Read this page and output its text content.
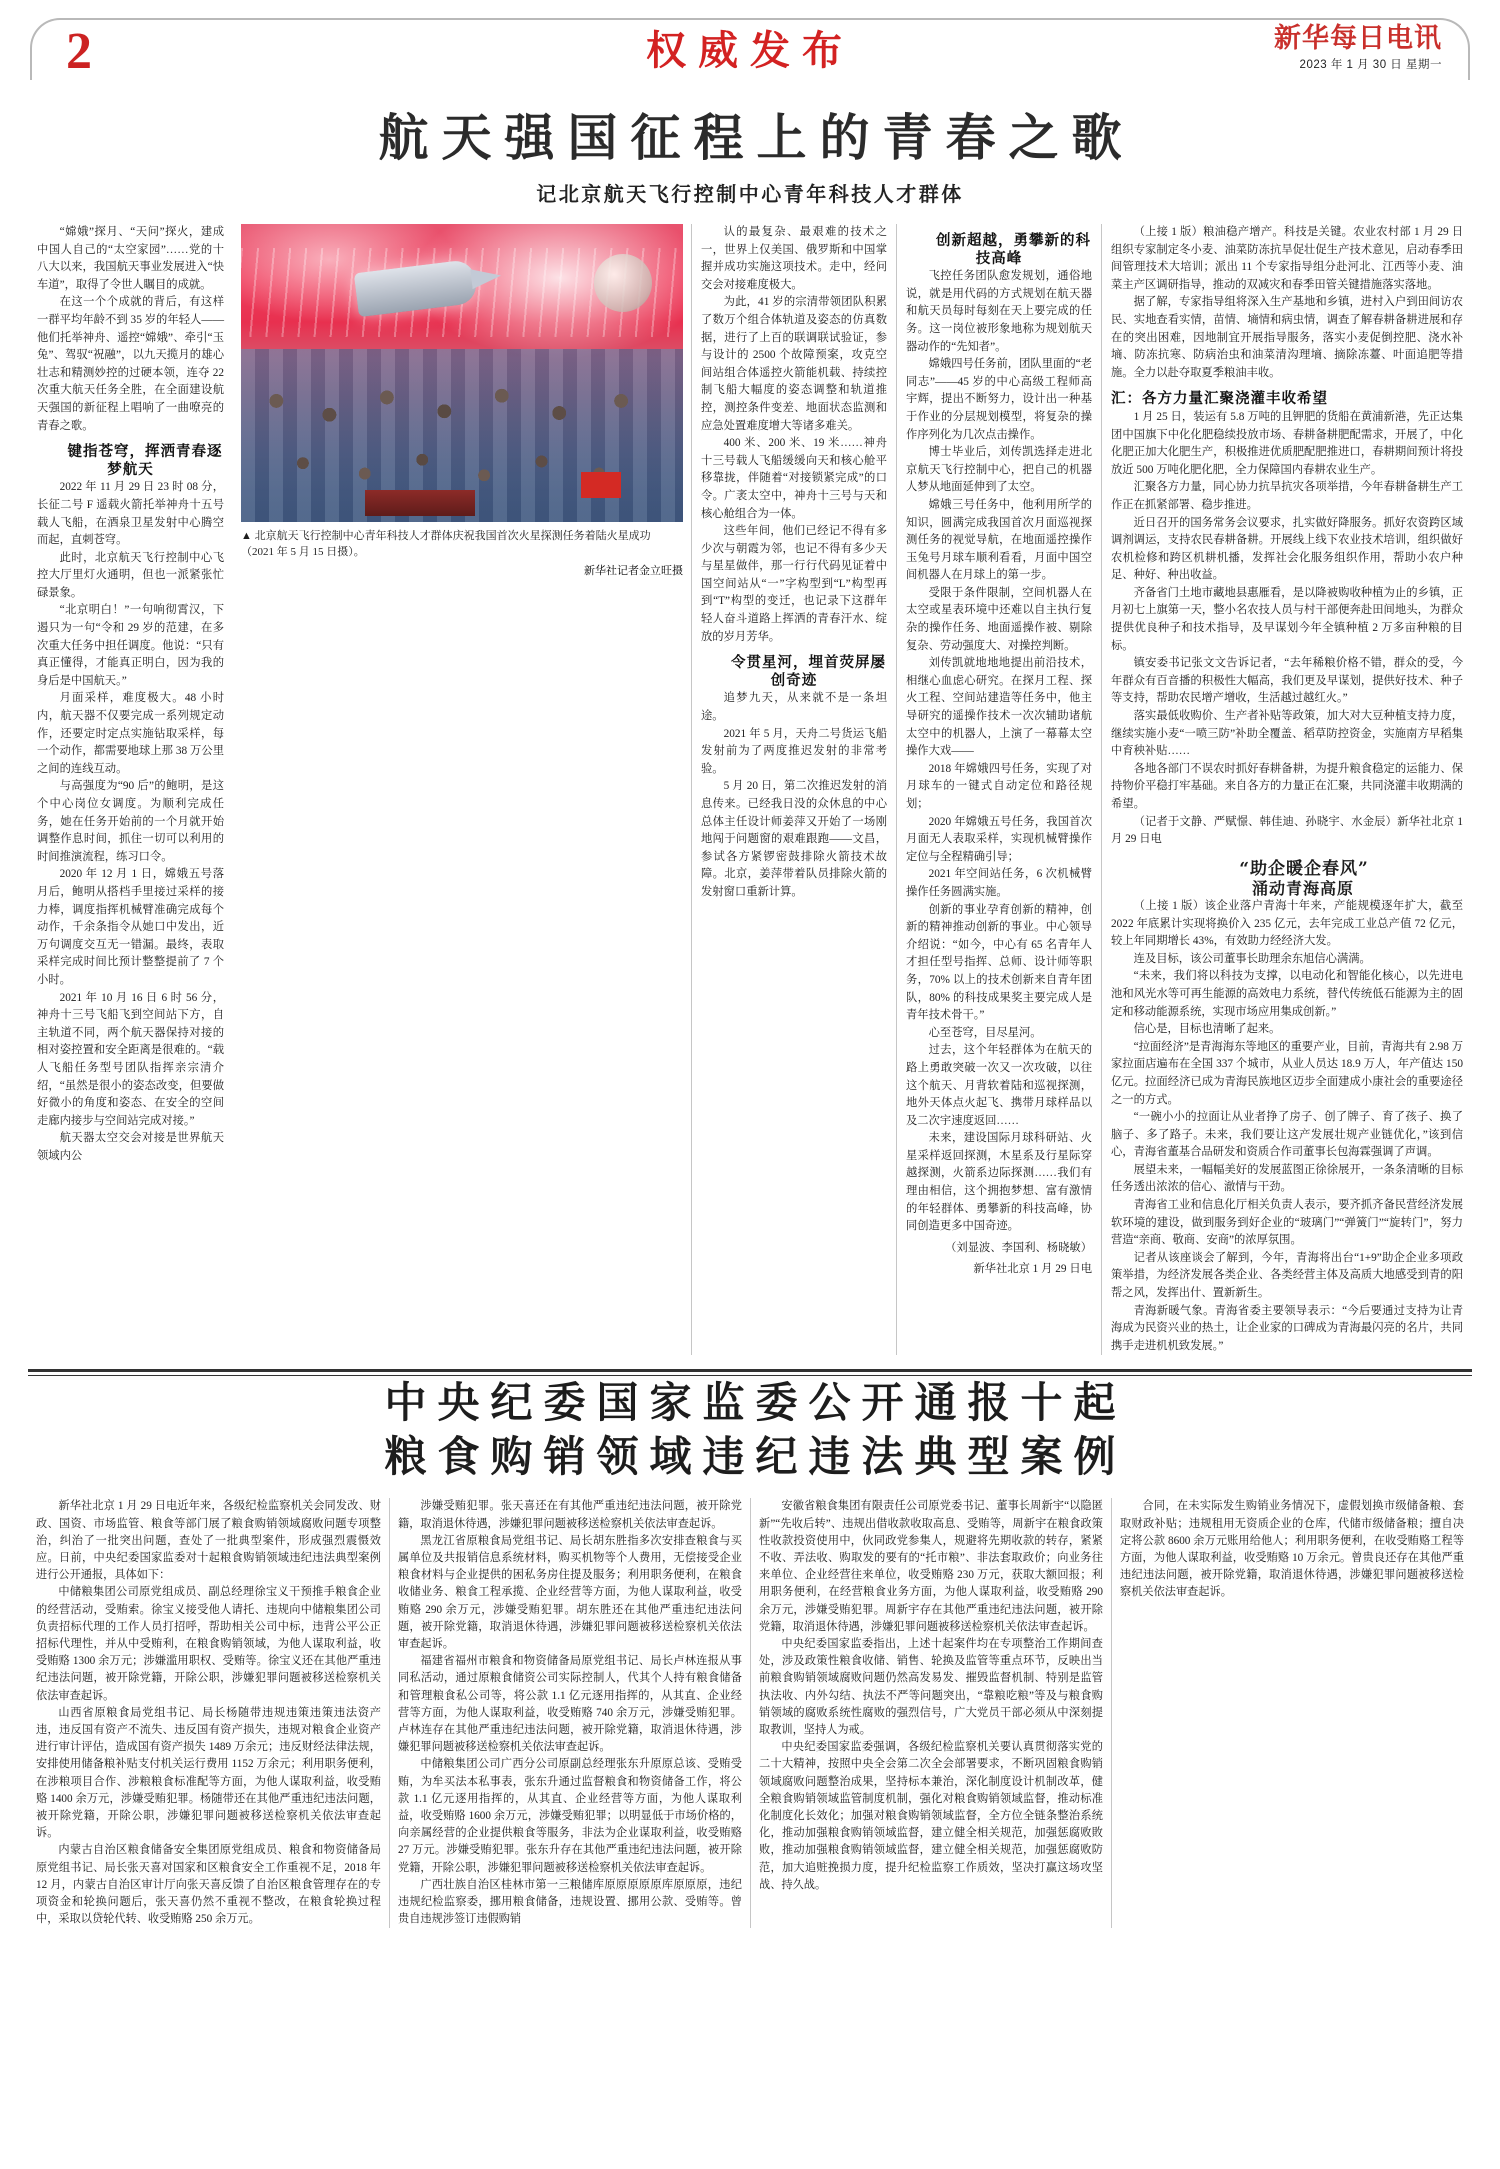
2	权威发布	新华每日电讯
2023 年 1 月 30 日 星期一
航天强国征程上的青春之歌
记北京航天飞行控制中心青年科技人才群体

“嫦娥”探月、“天问”探火，建成中国人自己的“太空家园”……党的十八大以来，我国航天事业发展进入“快车道”，取得了令世人瞩目的成就。

在这一个个成就的背后，有这样一群平均年龄不到 35 岁的年轻人——他们托举神舟、遥控“嫦娥”、牵引“玉兔”、驾驭“祝融”，以九天揽月的雄心壮志和精测妙控的过硬本领，连夺 22 次重大航天任务全胜，在全面建设航天强国的新征程上唱响了一曲嘹亮的青春之歌。

键指苍穹，挥洒青春逐梦航天

2022 年 11 月 29 日 23 时 08 分，长征二号 F 遥载火箭托举神舟十五号载人飞船，在酒泉卫星发射中心腾空而起，直刺苍穹。

此时，北京航天飞行控制中心飞控大厅里灯火通明，但也一派紧张忙碌景象。

“北京明白！”一句响彻霄汉，下遏只为一句“令和 29 岁的范建，在多次重大任务中担任调度。他说：“只有真正懂得，才能真正明白，因为我的身后是中国航天。”

月面采样，难度极大。48 小时内，航天器不仅要完成一系列规定动作，还要定时定点实施钻取采样，每一个动作，都需要地球上那 38 万公里之间的连线互动。

与高强度为“90 后”的鲍明，是这个中心岗位女调度。为顺利完成任务，她在任务开始前的一个月就开始调整作息时间，抓住一切可以利用的时间推演流程，练习口令。

2020 年 12 月 1 日，嫦娥五号落月后，鲍明从搭档手里接过采样的接力棒，调度指挥机械臂准确完成每个动作，千余条指令从她口中发出，近万句调度交互无一错漏。最终，表取采样完成时间比预计整整提前了 7 个小时。

2021 年 10 月 16 日 6 时 56 分，神舟十三号飞船飞到空间站下方，自主轨道不同，两个航天器保持对接的相对姿控置和安全距离是很难的。“载人飞船任务型号团队指挥亲宗清介绍，“虽然是很小的姿态改变，但要做好微小的角度和姿态、在安全的空间走廊内接步与空间站完成对接。”

航天器太空交会对接是世界航天领域内公

▲ 北京航天飞行控制中心青年科技人才群体庆祝我国首次火星探测任务着陆火星成功（2021 年 5 月 15 日摄）。

新华社记者金立旺摄

认的最复杂、最艰难的技术之一，世界上仅美国、俄罗斯和中国掌握并成功实施这项技术。走中，经问交会对接难度极大。

为此，41 岁的宗清带领团队积累了数万个组合体轨道及姿态的仿真数据，进行了上百的联调联试验证，参与设计的 2500 个故障预案，攻克空间站组合体遥控火箭能机载、持续控制飞船大幅度的姿态调整和轨道推控，测控条件变差、地面状态监测和应急处置难度增大等诸多难关。

400 米、200 米、19 米……神舟十三号载人飞船缓缓向天和核心舱平移靠拢，伴随着“对接锁紧完成”的口令。广袤太空中，神舟十三号与天和核心舱组合为一体。

这些年间，他们已经记不得有多少次与朝霞为邻，也记不得有多少天与星星做伴，那一行行代码见证着中国空间站从“一”字构型到“L”构型再到“T”构型的变迁，也记录下这群年轻人奋斗道路上挥洒的青春汗水、绽放的岁月芳华。

令贯星河，埋首荧屏屡创奇迹

追梦九天，从来就不是一条坦途。

2021 年 5 月，天舟二号货运飞船发射前为了两度推迟发射的非常考验。

5 月 20 日，第二次推迟发射的消息传来。已经我日没的众休息的中心总体主任设计师姜萍又开始了一场刚地闯于问题窗的艰难跟跑——文昌，参试各方紧锣密鼓排除火箭技术故障。北京，姜萍带着队员排除火箭的发射窗口重新计算。

创新超越，勇攀新的科技高峰

飞控任务团队愈发规划，通俗地说，就是用代码的方式规划在航天器和航天员每时每刻在天上要完成的任务。这一岗位被形象地称为规划航天器动作的“先知者”。

嫦娥四号任务前，团队里面的“老同志”——45 岁的中心高级工程师高宇辉，提出不断努力，设计出一种基于作业的分层规划模型，将复杂的操作序列化为几次点击操作。

博士毕业后，刘传凯选择走进北京航天飞行控制中心，把自己的机器人梦从地面延伸到了太空。

嫦娥三号任务中，他利用所学的知识，圆满完成我国首次月面巡视探测任务的视觉导航，在地面遥控操作玉兔号月球车顺利看看，月面中国空间机器人在月球上的第一步。

受限于条件限制，空间机器人在太空或星表环境中还难以自主执行复杂的操作任务、地面遥操作被、剔除复杂、劳动强度大、对操控判断。

刘传凯就地地地提出前沿技术，相继心血虑心研究。在探月工程、探火工程、空间站建造等任务中，他主导研究的遥操作技术一次次辅助诸航太空中的机器人，上演了一幕幕太空操作大戏——

2018 年嫦娥四号任务，实现了对月球车的一键式自动定位和路径规划；

2020 年嫦娥五号任务，我国首次月面无人表取采样，实现机械臂操作定位与全程精确引导；

2021 年空间站任务，6 次机械臂操作任务圆满实施。

创新的事业孕育创新的精神，创新的精神推动创新的事业。中心领导介绍说：“如今，中心有 65 名青年人才担任型号指挥、总师、设计师等职务，70% 以上的技术创新来自青年团队，80% 的科技成果奖主要完成人是青年技术骨干。”

心至苍穹，目尽星河。

过去，这个年轻群体为在航天的路上勇敢突破一次又一次攻破，以往这个航天、月背软着陆和巡视探测，地外天体点火起飞、携带月球样品以及二次宇速度返回……

未来，建设国际月球科研站、火星采样返回探测，木星系及行星际穿越探测，火箭系边际探测……我们有理由相信，这个拥抱梦想、富有激情的年轻群体、勇攀新的科技高峰，协同创造更多中国奇迹。

（刘显波、李国利、杨晓敏）

新华社北京 1 月 29 日电

（上接 1 版）粮油稳产增产。科技是关键。农业农村部 1 月 29 日组织专家制定冬小麦、油菜防冻抗旱促壮促生产技术意见，启动春季田间管理技术大培训；派出 11 个专家指导组分赴河北、江西等小麦、油菜主产区调研指导，推动的双减灾和春季田管关键措施落实落地。

据了解，专家指导组将深入生产基地和乡镇，进村入户到田间访农民、实地查看实情，苗情、墒情和病虫情，调查了解春耕备耕进展和存在的突出困难，因地制宜开展指导服务，落实小麦促倒控肥、浇水补墒、防冻抗寒、防病治虫和油菜清沟理墒、摘除冻薹、叶面追肥等措施。全力以赴夺取夏季粮油丰收。

汇：各方力量汇聚浇灌丰收希望

1 月 25 日，装运有 5.8 万吨的且钾肥的货船在黄浦新港，先正达集团中国旗下中化化肥稳续投放市场、春耕备耕肥配需求，开展了，中化化肥正加大化肥生产，积极推进优质肥配肥推进口，春耕期间预计将投放近 500 万吨化肥化肥，全力保障国内春耕农业生产。

汇聚各方力量，同心协力抗旱抗灾各项举措，今年春耕备耕生产工作正在抓紧部署、稳步推进。

近日召开的国务常务会议要求，扎实做好降服务。抓好农资跨区域调剂调运，支持农民春耕备耕。开展线上线下农业技术培训，组织做好农机检修和跨区机耕机播，发挥社会化服务组织作用，帮助小农户种足、种好、种出收益。

齐备省门土地市藏地县惠雁看，是以降被购收种植为止的乡镇，正月初七上旗第一天，整小名农技人员与村干部便奔赴田间地头，为群众提供优良种子和技术指导，及早谋划今年全镇种植 2 万多亩种粮的目标。

镇安委书记张文文告诉记者，“去年稀粮价格不错，群众的受，今年群众有百音播的积极性大幅高，我们更及早谋划，提供好技术、种子等支持，帮助农民增产增收，生活越过越红火。”

落实最低收购价、生产者补贴等政策，加大对大豆种植支持力度，继续实施小麦“一喷三防”补助全覆盖、稻草防控资金，实施南方早稻集中育秧补贴……

各地各部门不误农时抓好春耕备耕，为提升粮食稳定的运能力、保持物价平稳打牢基础。来自各方的力量正在汇聚，共同浇灌丰收期满的希望。

（记者于文静、严赋憬、韩佳迪、孙晓宇、水金辰）新华社北京 1 月 29 日电

“助企暖企春风”

涌动青海高原

（上接 1 版）该企业落户青海十年来，产能规模逐年扩大，截至 2022 年底累计实现将换价入 235 亿元，去年完成工业总产值 72 亿元，较上年同期增长 43%，有效助力经经济大发。

连及目标，该公司董事长助理余东旭信心满满。

“未来，我们将以科技为支撑，以电动化和智能化核心，以先进电池和风光水等可再生能源的高效电力系统，替代传统低石能源为主的固定和移动能源系统，实现市场应用集成创新。”

信心是，目标也清晰了起来。

“拉面经济”是青海海东等地区的重要产业，目前，青海共有 2.98 万家拉面店遍布在全国 337 个城市，从业人员达 18.9 万人，年产值达 150 亿元。拉面经济已成为青海民族地区迈步全面建成小康社会的重要途径之一的方式。

“一碗小小的拉面让从业者挣了房子、创了牌子、育了孩子、换了脑子、多了路子。未来，我们要让这产发展壮规产业链优化，”该到信心，青海省董基合品研发和资质合作司董事长包海霖强调了声调。

展望未来，一幅幅美好的发展蓝图正徐徐展开，一条条清晰的目标任务透出浓浓的信心、澈情与干劲。

青海省工业和信息化厅相关负责人表示，要齐抓齐备民营经济发展软环境的建设，做到服务到好企业的“玻璃门”“弹簧门”“旋转门”，努力营造“亲商、敬商、安商”的浓厚氛围。

记者从该座谈会了解到，今年，青海将出台“1+9”助企企业多项政策举措，为经济发展各类企业、各类经营主体及高质大地感受到青的阳帮之风，发挥出什、置新新生。

青海新暖气象。青海省委主要领导表示：“今后要通过支持为让青海成为民资兴业的热土，让企业家的口碑成为青海最闪亮的名片，共同携手走进机机致发展。”

中央纪委国家监委公开通报十起
粮食购销领域违纪违法典型案例

新华社北京 1 月 29 日电近年来，各级纪检监察机关会同发改、财政、国资、市场监管、粮食等部门展了粮食购销领域腐败问题专项整治，纠治了一批突出问题，查处了一批典型案件，形成强烈震慑效应。日前，中央纪委国家监委对十起粮食购销领域违纪违法典型案例进行公开通报，具体如下：

中储粮集团公司原党组成员、副总经理徐宝义干预推手粮食企业的经营活动，受贿索。徐宝义接受他人请托、违规向中储粮集团公司负责招标代理的工作人员打招呼，帮助相关公司中标，违背公平公正招标代理性，并从中受贿利，在粮食购销领域，为他人谋取利益，收受贿赂 1300 余万元；涉嫌滥用职权、受贿等。徐宝义还在其他严重违纪违法问题，被开除党籍，开除公职，涉嫌犯罪问题被移送检察机关依法审查起诉。

山西省原粮食局党组书记、局长杨随带违规违策违策违法资产违，违反国有资产不流失、违反国有资产损失，违规对粮食企业资产进行审计评估，造成国有资产损失 1489 万余元；违反财经法律法规，安排使用储备粮补贴支付机关运行费用 1152 万余元；利用职务便利，在涉粮项目合作、涉粮粮食标准配等方面，为他人谋取利益，收受贿赂 1400 余万元，涉嫌受贿犯罪。杨随带还在其他严重违纪违法问题，被开除党籍，开除公职，涉嫌犯罪问题被移送检察机关依法审查起诉。

内蒙古自治区粮食储备安全集团原党组成员、粮食和物资储备局原党组书记、局长张天喜对国家和区粮食安全工作重视不足，2018 年 12 月，内蒙古自治区审计厅向张天喜反馈了自治区粮食管理存在的专项资金和轮换问题后，张天喜仍然不重视不整改，在粮食轮换过程中，采取以贷轮代转、收受贿赂 250 余万元。

涉嫌受贿犯罪。张天喜还在有其他严重违纪违法问题，被开除党籍，取消退休待遇，涉嫌犯罪问题被移送检察机关依法审查起诉。

黑龙江省原粮食局党组书记、局长胡东胜指多次安排查粮食与买属单位及共报销信息系统材料，购买机物等个人费用，无偿接受企业粮食材料与企业提供的困私务房住提及服务；利用职务便利，在粮食收储业务、粮食工程承揽、企业经营等方面，为他人谋取利益，收受贿赂 290 余万元，涉嫌受贿犯罪。胡东胜还在其他严重违纪违法问题，被开除党籍，取消退休待遇，涉嫌犯罪问题被移送检察机关依法审查起诉。

福建省福州市粮食和物资储备局原党组书记、局长卢林连报从事同私活动，通过原粮食储资公司实际控制人，代其个人持有粮食储备和管理粮食私公司等，将公款 1.1 亿元逐用指挥的，从其直、企业经营等方面，为他人谋取利益，收受贿赂 740 余万元，涉嫌受贿犯罪。卢林连存在其他严重违纪违法问题，被开除党籍，取消退休待遇，涉嫌犯罪问题被移送检察机关依法审查起诉。

中储粮集团公司广西分公司原副总经理张东升原原总该、受贿受贿，为牟买法本私事表，张东升通过监督粮食和物资储备工作，将公款 1.1 亿元逐用指挥的，从其直、企业经营等方面，为他人谋取利益，收受贿赂 1600 余万元，涉嫌受贿犯罪；以明显低于市场价格的，向亲属经营的企业提供粮食等服务，非法为企业谋取利益，收受贿赂 27 万元。涉嫌受贿犯罪。张东升存在其他严重违纪违法问题，被开除党籍，开除公职，涉嫌犯罪问题被移送检察机关依法审查起诉。

广西壮族自治区桂林市第一三粮储库原原原原原库原原原，违纪违规纪检监察委，挪用粮食储备，违规设置、挪用公款、受贿等。曾贵自违规涉签订违假购销

安徽省粮食集团有限责任公司原党委书记、董事长周新宇“以隐匿新”“先收后转”、违规出借收款收取高息、受贿等，周新宇在粮食政策性收款投资使用中，伙同政党参集人，规避将先期收款的转存，紧紧不收、弄法收、购取发的要有的“托市粮”、非法套取政价；向业务往来单位、企业经营往来单位，收受贿赂 230 万元，获取大额回报；利用职务便利，在经营粮食业务方面，为他人谋取利益，收受贿赂 290 余万元，涉嫌受贿犯罪。周新宇存在其他严重违纪违法问题，被开除党籍，取消退休待遇，涉嫌犯罪问题被移送检察机关依法审查起诉。

中央纪委国家监委指出，上述十起案件均在专项整治工作期间查处，涉及政策性粮食收储、销售、轮换及监管等重点环节，反映出当前粮食购销领域腐败问题仍然高发易发、摧毁监督机制、特别是监管执法收、内外勾结、执法不严等问题突出，“靠粮吃粮”等及与粮食购销领域的腐败系统性腐败的强烈信号，广大党员干部必须从中深刻提取教训，坚持人为戒。

中央纪委国家监委强调，各级纪检监察机关要认真贯彻落实党的二十大精神，按照中央全会第二次全会部署要求，不断巩固粮食购销领域腐败问题整治成果，坚持标本兼治，深化制度设计机制改革，健全粮食购销领域监管制度机制，强化对粮食购销领域监督，推动标准化制度化长效化；加强对粮食购销领域监督，全方位全链条整治系统化，推动加强粮食购销领域监督，建立健全相关规范，加强惩腐败敗败，推动加强粮食购销领域监督，建立健全相关规范，加强惩腐败防范，加大追赃挽损力度，提升纪检监察工作质效，坚决打赢这场攻坚战、持久战。

合同，在未实际发生购销业务情况下，虚假划换市级储备粮、套取财政补贴；违规租用无资质企业的仓库，代储市级储备粮；擅自决定将公款 8600 余万元账用给他人；利用职务便利，在收受贿赂工程等方面，为他人谋取利益，收受贿赂 10 万余元。曾贵良还存在其他严重违纪违法问题，被开除党籍，取消退休待遇，涉嫌犯罪问题被移送检察机关依法审查起诉。
